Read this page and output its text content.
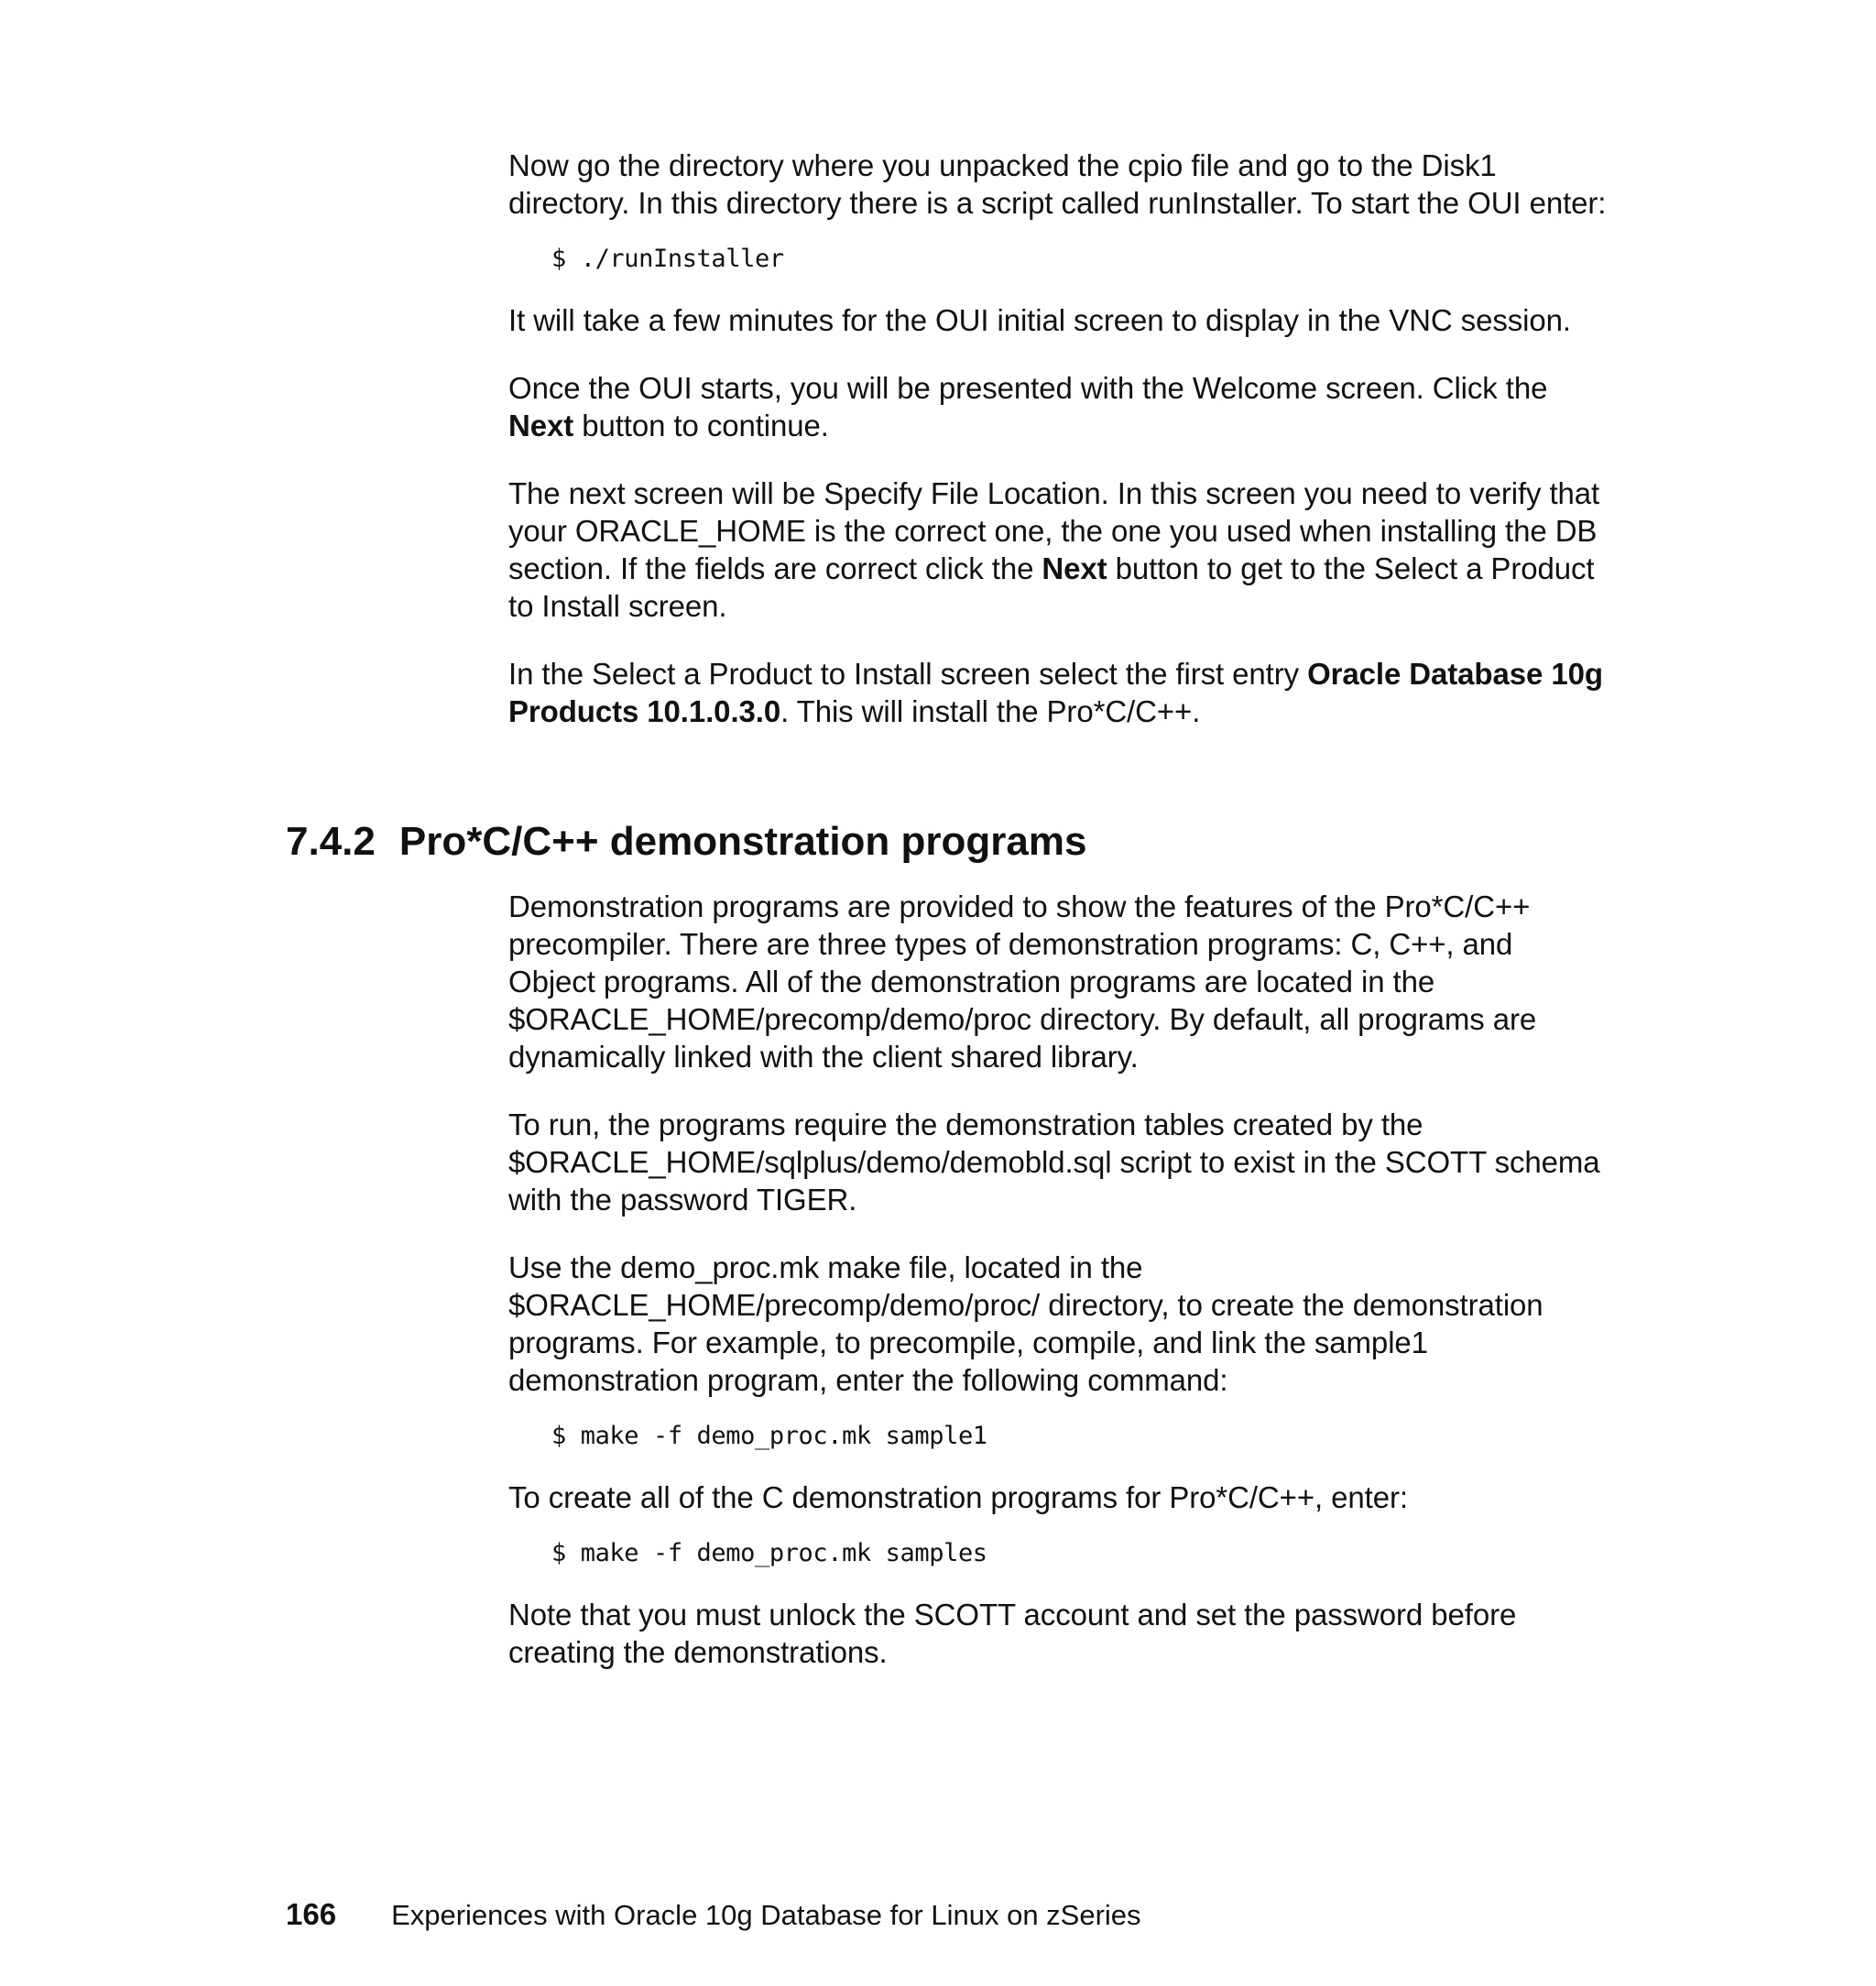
Now go the directory where you unpacked the cpio file and go to the Disk1 directory. In this directory there is a script called runInstaller. To start the OUI enter:

$ ./runInstaller

It will take a few minutes for the OUI initial screen to display in the VNC session.

Once the OUI starts, you will be presented with the Welcome screen. Click the Next button to continue.

The next screen will be Specify File Location. In this screen you need to verify that your ORACLE_HOME is the correct one, the one you used when installing the DB section. If the fields are correct click the Next button to get to the Select a Product to Install screen.

In the Select a Product to Install screen select the first entry Oracle Database 10g Products 10.1.0.3.0. This will install the Pro*C/C++.

7.4.2 Pro*C/C++ demonstration programs

Demonstration programs are provided to show the features of the Pro*C/C++ precompiler. There are three types of demonstration programs: C, C++, and Object programs. All of the demonstration programs are located in the $ORACLE_HOME/precomp/demo/proc directory. By default, all programs are dynamically linked with the client shared library.

To run, the programs require the demonstration tables created by the $ORACLE_HOME/sqlplus/demo/demobld.sql script to exist in the SCOTT schema with the password TIGER.

Use the demo_proc.mk make file, located in the $ORACLE_HOME/precomp/demo/proc/ directory, to create the demonstration programs. For example, to precompile, compile, and link the sample1 demonstration program, enter the following command:

$ make -f demo_proc.mk sample1

To create all of the C demonstration programs for Pro*C/C++, enter:

$ make -f demo_proc.mk samples

Note that you must unlock the SCOTT account and set the password before creating the demonstrations.

166 Experiences with Oracle 10g Database for Linux on zSeries
